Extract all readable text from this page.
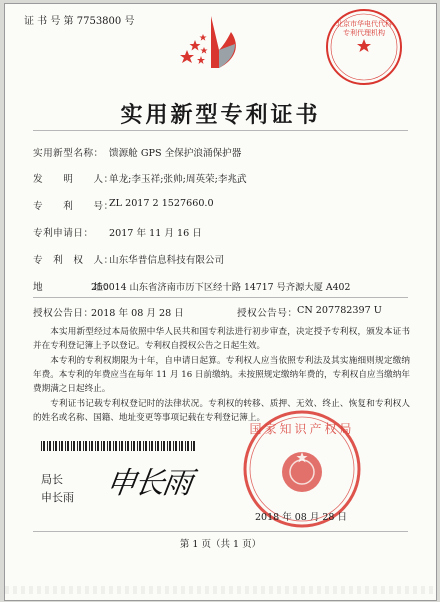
证 书 号 第 7753800 号	北京市华电代代科专利代理机构
实用新型专利证书
实用新型名称： 馈源舱 GPS 全保护浪涌保护器
发　　明　　人：
单龙;李玉祥;张帅;周英荣;李兆武
专　　利　　号：
ZL 2017 2 1527660.0
专利申请日： 2017 年 11 月 16 日
专　利　权　人：
山东华普信息科技有限公司
地　　　　　址：
250014 山东省济南市历下区经十路 14717 号齐源大厦 A402
授权公告日：
2018 年 08 月 28 日	授权公告号： CN 207782397 U
本实用新型经过本局依照中华人民共和国专利法进行初步审查，决定授予专利权，颁发本证书并在专利登记簿上予以登记。专利权自授权公告之日起生效。
本专利的专利权期限为十年，自申请日起算。专利权人应当依照专利法及其实施细则规定缴纳年费。本专利的年费应当在每年 11 月 16 日前缴纳。未按照规定缴纳年费的，专利权自应当缴纳年费期满之日起终止。
专利证书记载专利权登记时的法律状况。专利权的转移、质押、无效、终止、恢复和专利权人的姓名或名称、国籍、地址变更等事项记载在专利登记簿上。
局长
申长雨 申长雨
国家知识产权局
2018 年 08 月 28 日
第 1 页（共 1 页）
